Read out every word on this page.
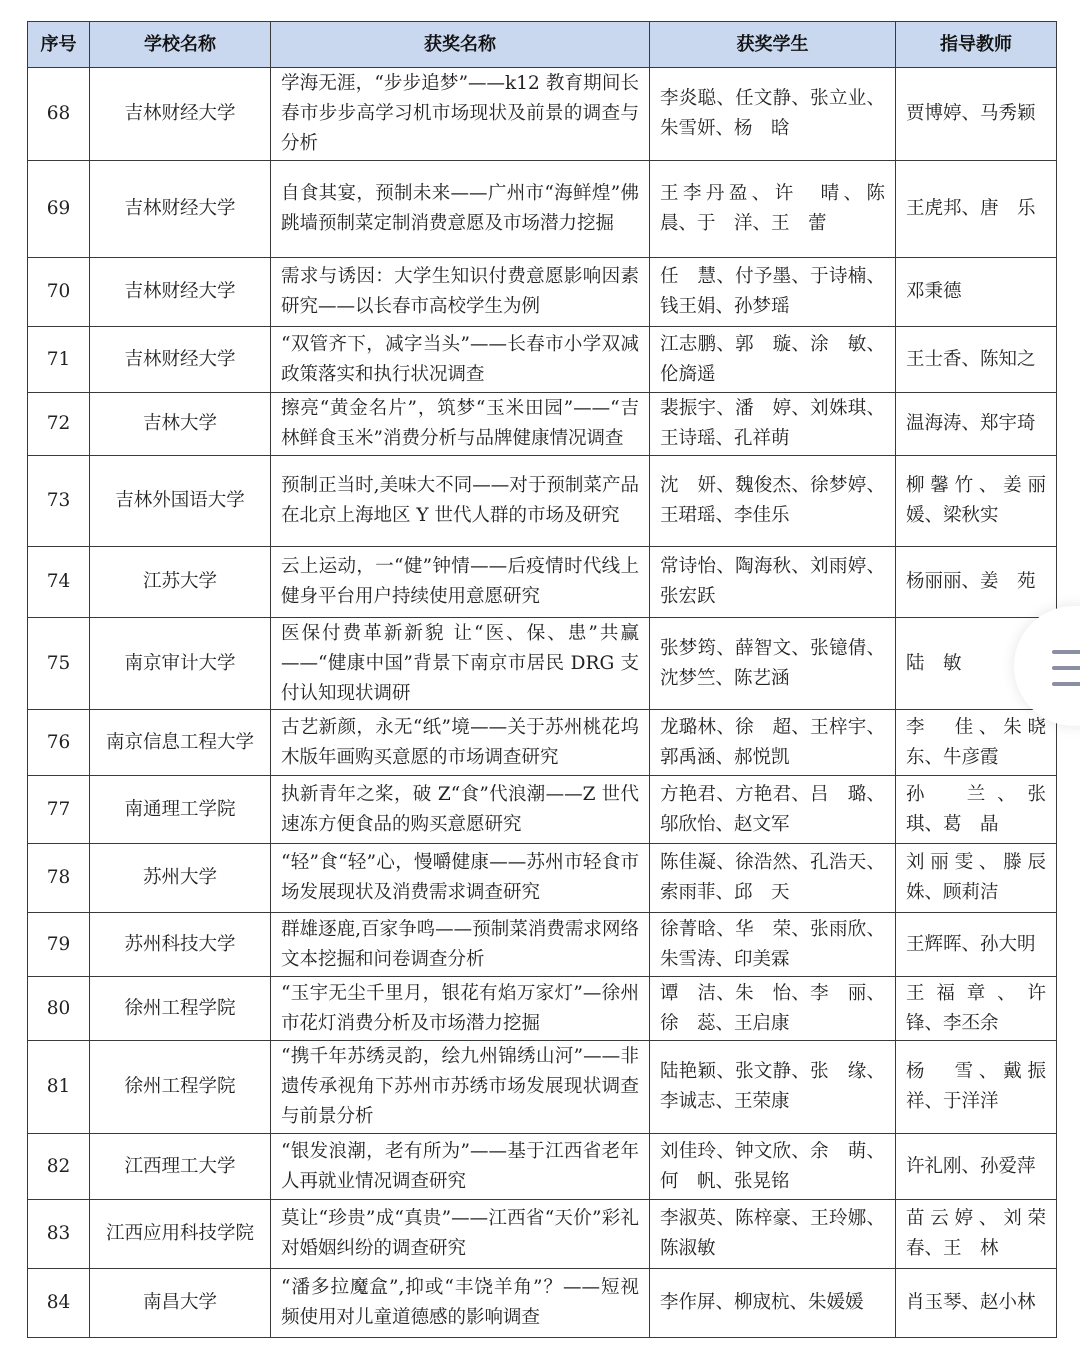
序号	学校名称	获奖名称	获奖学生	指导教师
68	吉林财经大学	学海无涯，“步步追梦”——k12 教育期间长春市步步高学习机市场现状及前景的调查与分析	李炎聪、任文静、张立业、朱雪妍、杨　晗	贾博婷、马秀颖
69	吉林财经大学	自食其宴，预制未来——广州市“海鲜煌”佛跳墙预制菜定制消费意愿及市场潜力挖掘	王李丹盈、许　晴、陈　晨、于　洋、王　蕾	王虎邦、唐　乐
70	吉林财经大学	需求与诱因：大学生知识付费意愿影响因素研究——以长春市高校学生为例	任　慧、付予墨、于诗楠、钱王娟、孙梦瑶	邓秉德
71	吉林财经大学	“双管齐下，减字当头”——长春市小学双减政策落实和执行状况调查	江志鹏、郭　璇、涂　敏、伦旖遥	王士香、陈知之
72	吉林大学	擦亮“黄金名片”，筑梦“玉米田园”——“吉林鲜食玉米”消费分析与品牌健康情况调查	裴振宇、潘　婷、刘姝琪、王诗瑶、孔祥萌	温海涛、郑宇琦
73	吉林外国语大学	预制正当时,美味大不同——对于预制菜产品在北京上海地区 Y 世代人群的市场及研究	沈　妍、魏俊杰、徐梦婷、王珺瑶、李佳乐	柳馨竹、姜丽媛、梁秋实
74	江苏大学	云上运动，一“健”钟情——后疫情时代线上健身平台用户持续使用意愿研究	常诗怡、陶海秋、刘雨婷、张宏跃	杨丽丽、姜　苑
75	南京审计大学	医保付费革新新貌 让“医、保、患”共赢——“健康中国”背景下南京市居民 DRG 支付认知现状调研	张梦筠、薛智文、张镱倩、沈梦竺、陈艺涵	陆　敏
76	南京信息工程大学	古艺新颜，永无“纸”境——关于苏州桃花坞木版年画购买意愿的市场调查研究	龙璐林、徐　超、王梓宇、郭禹涵、郝悦凯	李　佳、朱晓东、牛彦霞
77	南通理工学院	执新青年之桨，破 Z“食”代浪潮——Z 世代速冻方便食品的购买意愿研究	方艳君、方艳君、吕　璐、邬欣怡、赵文军	孙　兰、张　琪、葛　晶
78	苏州大学	“轻”食“轻”心，慢嚼健康——苏州市轻食市场发展现状及消费需求调查研究	陈佳凝、徐浩然、孔浩天、索雨菲、邱　天	刘丽雯、滕辰姝、顾莉洁
79	苏州科技大学	群雄逐鹿,百家争鸣——预制菜消费需求网络文本挖掘和问卷调查分析	徐菁晗、华　荣、张雨欣、朱雪涛、印美霖	王辉晖、孙大明
80	徐州工程学院	“玉宇无尘千里月，银花有焰万家灯”—徐州市花灯消费分析及市场潜力挖掘	谭　洁、朱　怡、李　丽、徐　蕊、王启康	王福章、许　锋、李丕余
81	徐州工程学院	“携千年苏绣灵韵，绘九州锦绣山河”——非遗传承视角下苏州市苏绣市场发展现状调查与前景分析	陆艳颖、张文静、张　缘、李诚志、王荣康	杨　雪、戴振祥、于洋洋
82	江西理工大学	“银发浪潮，老有所为”——基于江西省老年人再就业情况调查研究	刘佳玲、钟文欣、余　萌、何　帆、张晃铭	许礼刚、孙爱萍
83	江西应用科技学院	莫让“珍贵”成“真贵”——江西省“天价”彩礼对婚姻纠纷的调查研究	李淑英、陈梓豪、王玲娜、陈淑敏	苗云婷、刘荣春、王　林
84	南昌大学	“潘多拉魔盒”,抑或“丰饶羊角”？——短视频使用对儿童道德感的影响调查	李作屏、柳宬杭、朱媛媛	肖玉琴、赵小林
